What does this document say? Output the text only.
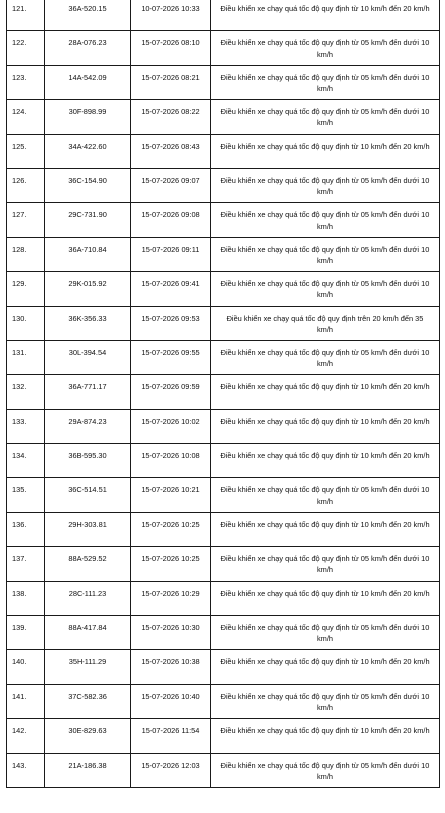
121.	36A-520.15	10-07-2026 10:33	Điều khiển xe chạy quá tốc độ quy định từ 10 km/h đến 20 km/h
122.	28A-076.23	15-07-2026 08:10	Điều khiển xe chạy quá tốc độ quy định từ 05 km/h đến dưới 10 km/h
123.	14A-542.09	15-07-2026 08:21	Điều khiển xe chạy quá tốc độ quy định từ 05 km/h đến dưới 10 km/h
124.	30F-898.99	15-07-2026 08:22	Điều khiển xe chạy quá tốc độ quy định từ 05 km/h đến dưới 10 km/h
125.	34A-422.60	15-07-2026 08:43	Điều khiển xe chạy quá tốc độ quy định từ 10 km/h đến 20 km/h
126.	36C-154.90	15-07-2026 09:07	Điều khiển xe chạy quá tốc độ quy định từ 05 km/h đến dưới 10 km/h
127.	29C-731.90	15-07-2026 09:08	Điều khiển xe chạy quá tốc độ quy định từ 05 km/h đến dưới 10 km/h
128.	36A-710.84	15-07-2026 09:11	Điều khiển xe chạy quá tốc độ quy định từ 05 km/h đến dưới 10 km/h
129.	29K-015.92	15-07-2026 09:41	Điều khiển xe chạy quá tốc độ quy định từ 05 km/h đến dưới 10 km/h
130.	36K-356.33	15-07-2026 09:53	Điều khiển xe chạy quá tốc độ quy định trên 20 km/h đến 35 km/h
131.	30L-394.54	15-07-2026 09:55	Điều khiển xe chạy quá tốc độ quy định từ 05 km/h đến dưới 10 km/h
132.	36A-771.17	15-07-2026 09:59	Điều khiển xe chạy quá tốc độ quy định từ 10 km/h đến 20 km/h
133.	29A-874.23	15-07-2026 10:02	Điều khiển xe chạy quá tốc độ quy định từ 10 km/h đến 20 km/h
134.	36B-595.30	15-07-2026 10:08	Điều khiển xe chạy quá tốc độ quy định từ 10 km/h đến 20 km/h
135.	36C-514.51	15-07-2026 10:21	Điều khiển xe chạy quá tốc độ quy định từ 05 km/h đến dưới 10 km/h
136.	29H-303.81	15-07-2026 10:25	Điều khiển xe chạy quá tốc độ quy định từ 10 km/h đến 20 km/h
137.	88A-529.52	15-07-2026 10:25	Điều khiển xe chạy quá tốc độ quy định từ 05 km/h đến dưới 10 km/h
138.	28C-111.23	15-07-2026 10:29	Điều khiển xe chạy quá tốc độ quy định từ 10 km/h đến 20 km/h
139.	88A-417.84	15-07-2026 10:30	Điều khiển xe chạy quá tốc độ quy định từ 05 km/h đến dưới 10 km/h
140.	35H-111.29	15-07-2026 10:38	Điều khiển xe chạy quá tốc độ quy định từ 10 km/h đến 20 km/h
141.	37C-582.36	15-07-2026 10:40	Điều khiển xe chạy quá tốc độ quy định từ 05 km/h đến dưới 10 km/h
142.	30E-829.63	15-07-2026 11:54	Điều khiển xe chạy quá tốc độ quy định từ 10 km/h đến 20 km/h
143.	21A-186.38	15-07-2026 12:03	Điều khiển xe chạy quá tốc độ quy định từ 05 km/h đến dưới 10 km/h
